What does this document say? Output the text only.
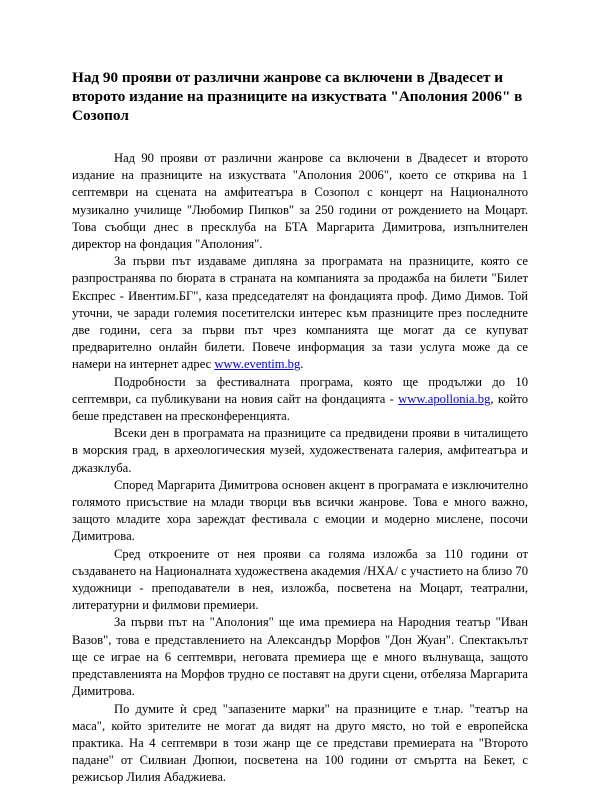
Над 90 прояви от различни жанрове са включени в Двадесет и второто издание на празниците на изкуствата "Аполония 2006" в Созопол

Над 90 прояви от различни жанрове са включени в Двадесет и второто издание на празниците на изкуствата "Аполония 2006", което се открива на 1 септември на сцената на амфитеатъра в Созопол с концерт на Националното музикално училище "Любомир Пипков" за 250 години от рождението на Моцарт. Това съобщи днес в пресклуба на БТА Маргарита Димитрова, изпълнителен директор на фондация "Аполония".

За първи път издаваме дипляна за програмата на празниците, която се разпространява по бюрата в страната на компанията за продажба на билети "Билет Експрес - Ивентим.БГ", каза председателят на фондацията проф. Димо Димов. Той уточни, че заради големия посетителски интерес към празниците през последните две години, сега за първи път чрез компанията ще могат да се купуват предварително онлайн билети. Повече информация за тази услуга може да се намери на интернет адрес www.eventim.bg.

Подробности за фестивалната програма, която ще продължи до 10 септември, са публикувани на новия сайт на фондацията - www.apollonia.bg, който беше представен на пресконференцията.

Всеки ден в програмата на празниците са предвидени прояви в читалището в морския град, в археологическия музей, художествената галерия, амфитеатъра и джазклуба.

Според Маргарита Димитрова основен акцент в програмата е изключително голямото присъствие на млади творци във всички жанрове. Това е много важно, защото младите хора зареждат фестивала с емоции и модерно мислене, посочи Димитрова.

Сред откроените от нея прояви са голяма изложба за 110 години от създаването на Националната художествена академия /НХА/ с участието на близо 70 художници - преподаватели в нея, изложба, посветена на Моцарт, театрални, литературни и филмови премиери.

За първи път на "Аполония" ще има премиера на Народния театър "Иван Вазов", това е представлението на Александър Морфов "Дон Жуан". Спектакълът ще се играе на 6 септември, неговата премиера ще е много вълнуваща, защото представленията на Морфов трудно се поставят на други сцени, отбеляза Маргарита Димитрова.

По думите ѝ сред "запазените марки" на празниците е т.нар. "театър на маса", който зрителите не могат да видят на друго място, но той е европейска практика. На 4 септември в този жанр ще се представи премиерата на "Второто падане" от Силвиан Дюпюи, посветена на 100 години от смъртта на Бекет, с режисьор Лилия Абаджиева.
